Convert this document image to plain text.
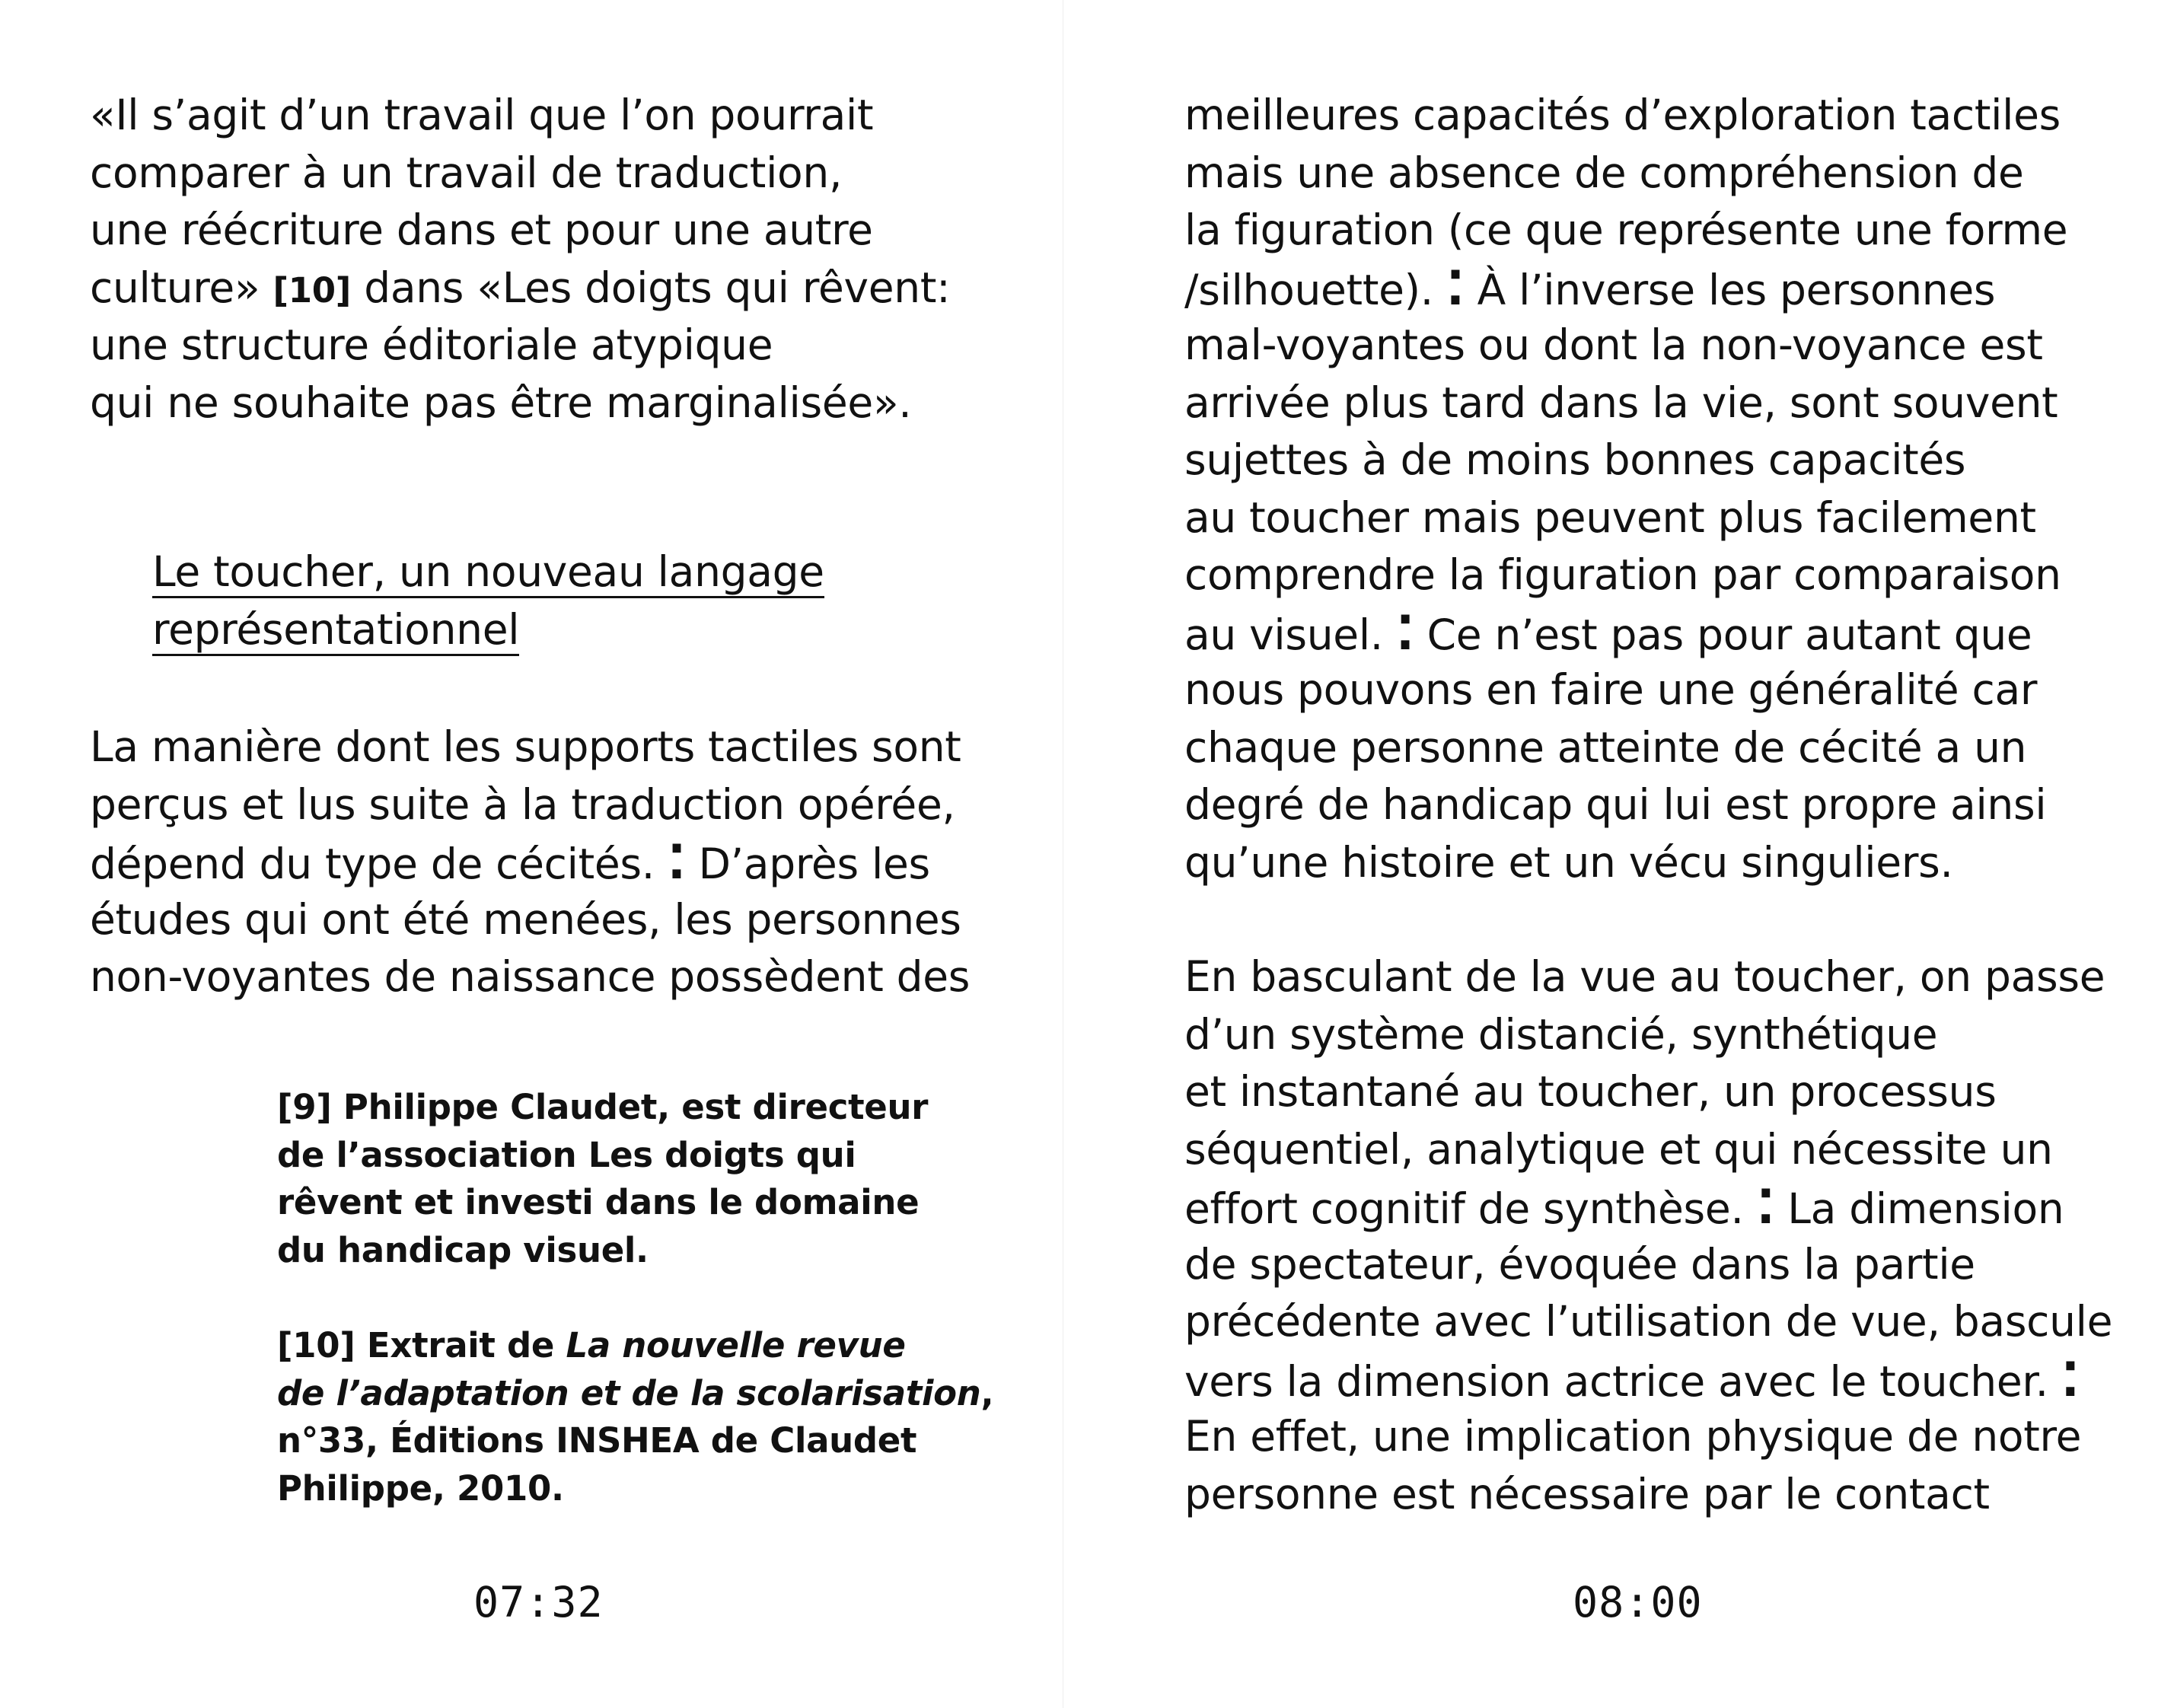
«Il s’agit d’un travail que l’on pourrait
comparer à un travail de traduction,
une réécriture dans et pour une autre
culture» [10] dans «Les doigts qui rêvent:
une structure éditoriale atypique
qui ne souhaite pas être marginalisée».

Le toucher, un nouveau langage
représentationnel

La manière dont les supports tactiles sont
perçus et lus suite à la traduction opérée,
dépend du type de cécités. ⁚ D’après les
études qui ont été menées, les personnes
non-voyantes de naissance possèdent des

[9] Philippe Claudet, est directeur
de l’association Les doigts qui
rêvent et investi dans le domaine
du handicap visuel.

[10] Extrait de La nouvelle revue
de l’adaptation et de la scolarisation,
n°33, Éditions INSHEA de Claudet
Philippe, 2010.

07:32

meilleures capacités d’exploration tactiles
mais une absence de compréhension de
la figuration (ce que représente une forme
/silhouette). ⁚ À l’inverse les personnes
mal-voyantes ou dont la non-voyance est
arrivée plus tard dans la vie, sont souvent
sujettes à de moins bonnes capacités
au toucher mais peuvent plus facilement
comprendre la figuration par comparaison
au visuel. ⁚ Ce n’est pas pour autant que
nous pouvons en faire une généralité car
chaque personne atteinte de cécité a un
degré de handicap qui lui est propre ainsi
qu’une histoire et un vécu singuliers.

En basculant de la vue au toucher, on passe
d’un système distancié, synthétique
et instantané au toucher, un processus
séquentiel, analytique et qui nécessite un
effort cognitif de synthèse. ⁚ La dimension
de spectateur, évoquée dans la partie
précédente avec l’utilisation de vue, bascule
vers la dimension actrice avec le toucher. ⁚
En effet, une implication physique de notre
personne est nécessaire par le contact

08:00
